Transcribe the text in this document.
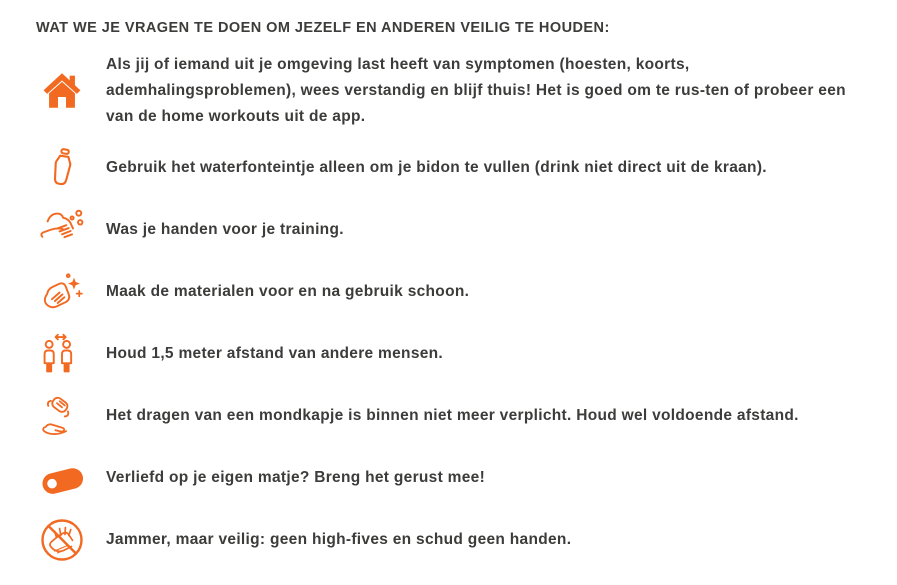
WAT WE JE VRAGEN TE DOEN OM JEZELF EN ANDEREN VEILIG TE HOUDEN:

Als jij of iemand uit je omgeving last heeft van symptomen (hoesten, koorts, ademhalingsproblemen), wees verstandig en blijf thuis! Het is goed om te rus-ten of probeer een van de home workouts uit de app.

Gebruik het waterfonteintje alleen om je bidon te vullen (drink niet direct uit de kraan).

Was je handen voor je training.

Maak de materialen voor en na gebruik schoon.

Houd 1,5 meter afstand van andere mensen.

Het dragen van een mondkapje is binnen niet meer verplicht. Houd wel voldoende afstand.

Verliefd op je eigen matje? Breng het gerust mee!

Jammer, maar veilig: geen high-fives en schud geen handen.
